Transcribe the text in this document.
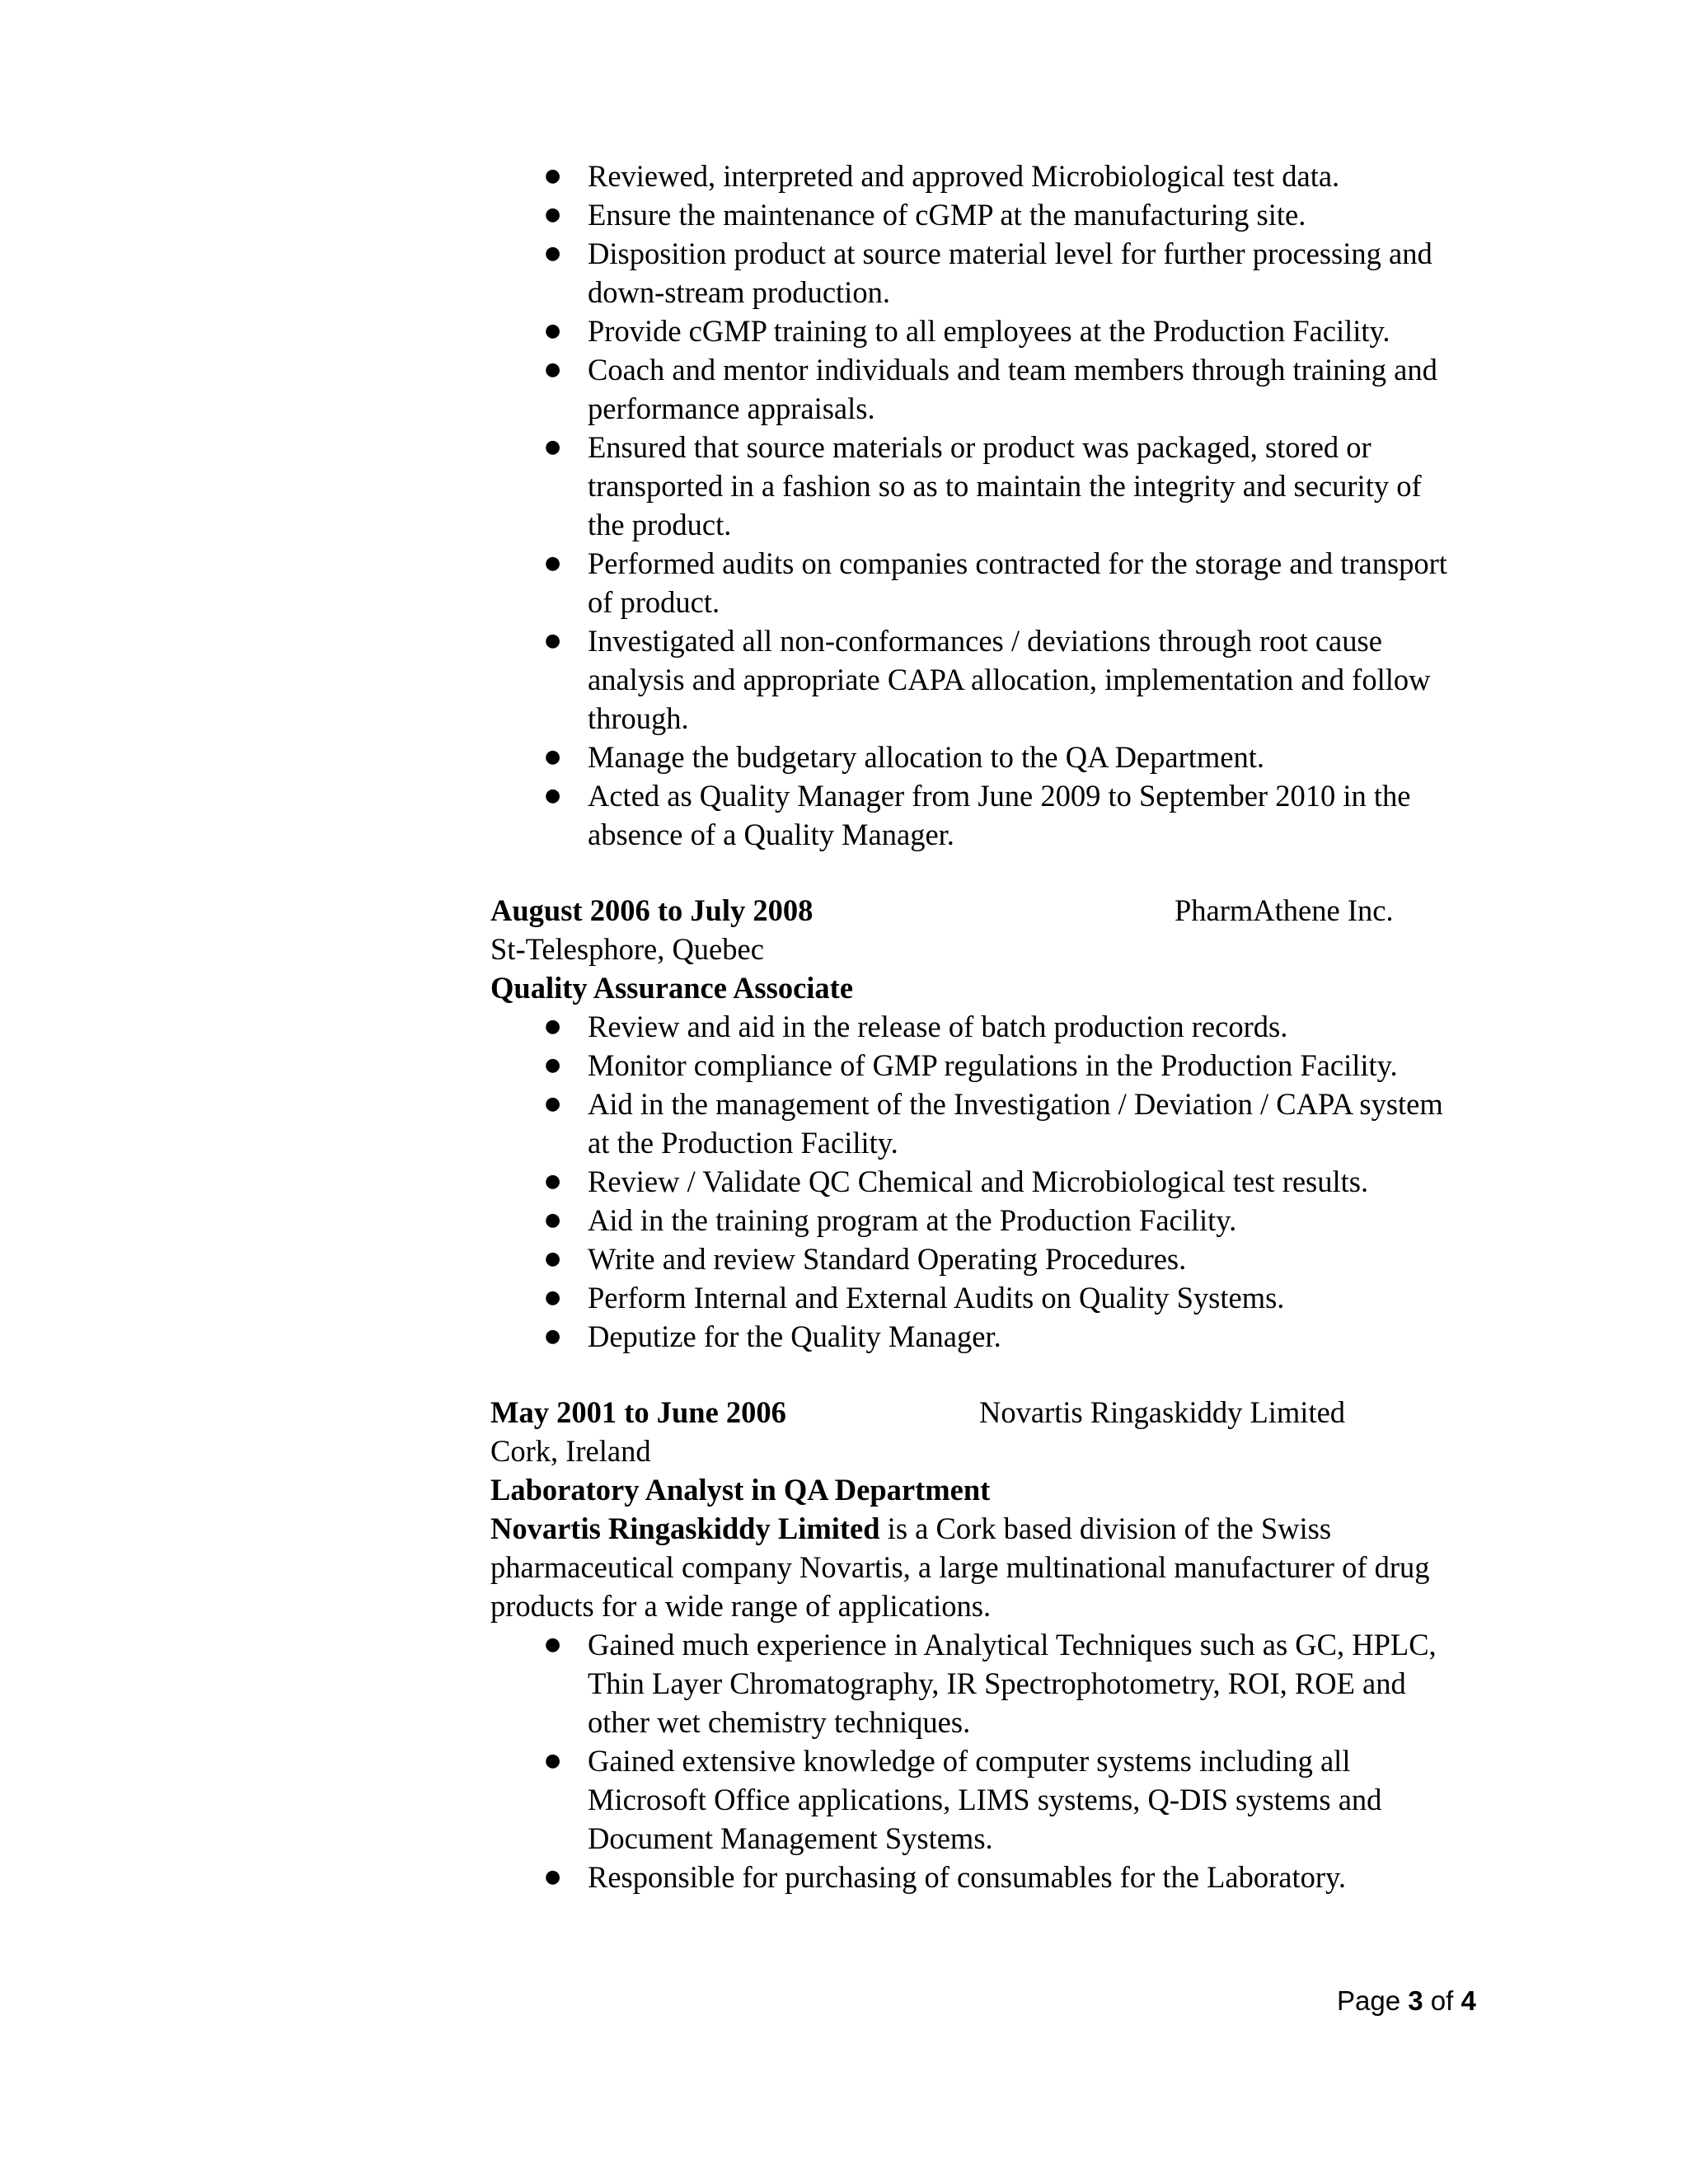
● Reviewed, interpreted and approved Microbiological test data.
● Ensure the maintenance of cGMP at the manufacturing site.
● Disposition product at source material level for further processing and down-stream production.
● Provide cGMP training to all employees at the Production Facility.
● Coach and mentor individuals and team members through training and performance appraisals.
● Ensured that source materials or product was packaged, stored or transported in a fashion so as to maintain the integrity and security of the product.
● Performed audits on companies contracted for the storage and transport of product.
● Investigated all non-conformances / deviations through root cause analysis and appropriate CAPA allocation, implementation and follow through.
● Manage the budgetary allocation to the QA Department.
● Acted as Quality Manager from June 2009 to September 2010 in the absence of a Quality Manager.
August 2006 to July 2008	PharmAthene Inc.
St-Telesphore, Quebec
Quality Assurance Associate
● Review and aid in the release of batch production records.
● Monitor compliance of GMP regulations in the Production Facility.
● Aid in the management of the Investigation / Deviation / CAPA system at the Production Facility.
● Review / Validate QC Chemical and Microbiological test results.
● Aid in the training program at the Production Facility.
● Write and review Standard Operating Procedures.
● Perform Internal and External Audits on Quality Systems.
● Deputize for the Quality Manager.
May 2001 to June 2006	Novartis Ringaskiddy Limited
Cork, Ireland
Laboratory Analyst in QA Department
Novartis Ringaskiddy Limited is a Cork based division of the Swiss pharmaceutical company Novartis, a large multinational manufacturer of drug products for a wide range of applications.
● Gained much experience in Analytical Techniques such as GC, HPLC, Thin Layer Chromatography, IR Spectrophotometry, ROI, ROE and other wet chemistry techniques.
● Gained extensive knowledge of computer systems including all Microsoft Office applications, LIMS systems, Q-DIS systems and Document Management Systems.
● Responsible for purchasing of consumables for the Laboratory.
Page 3 of 4
